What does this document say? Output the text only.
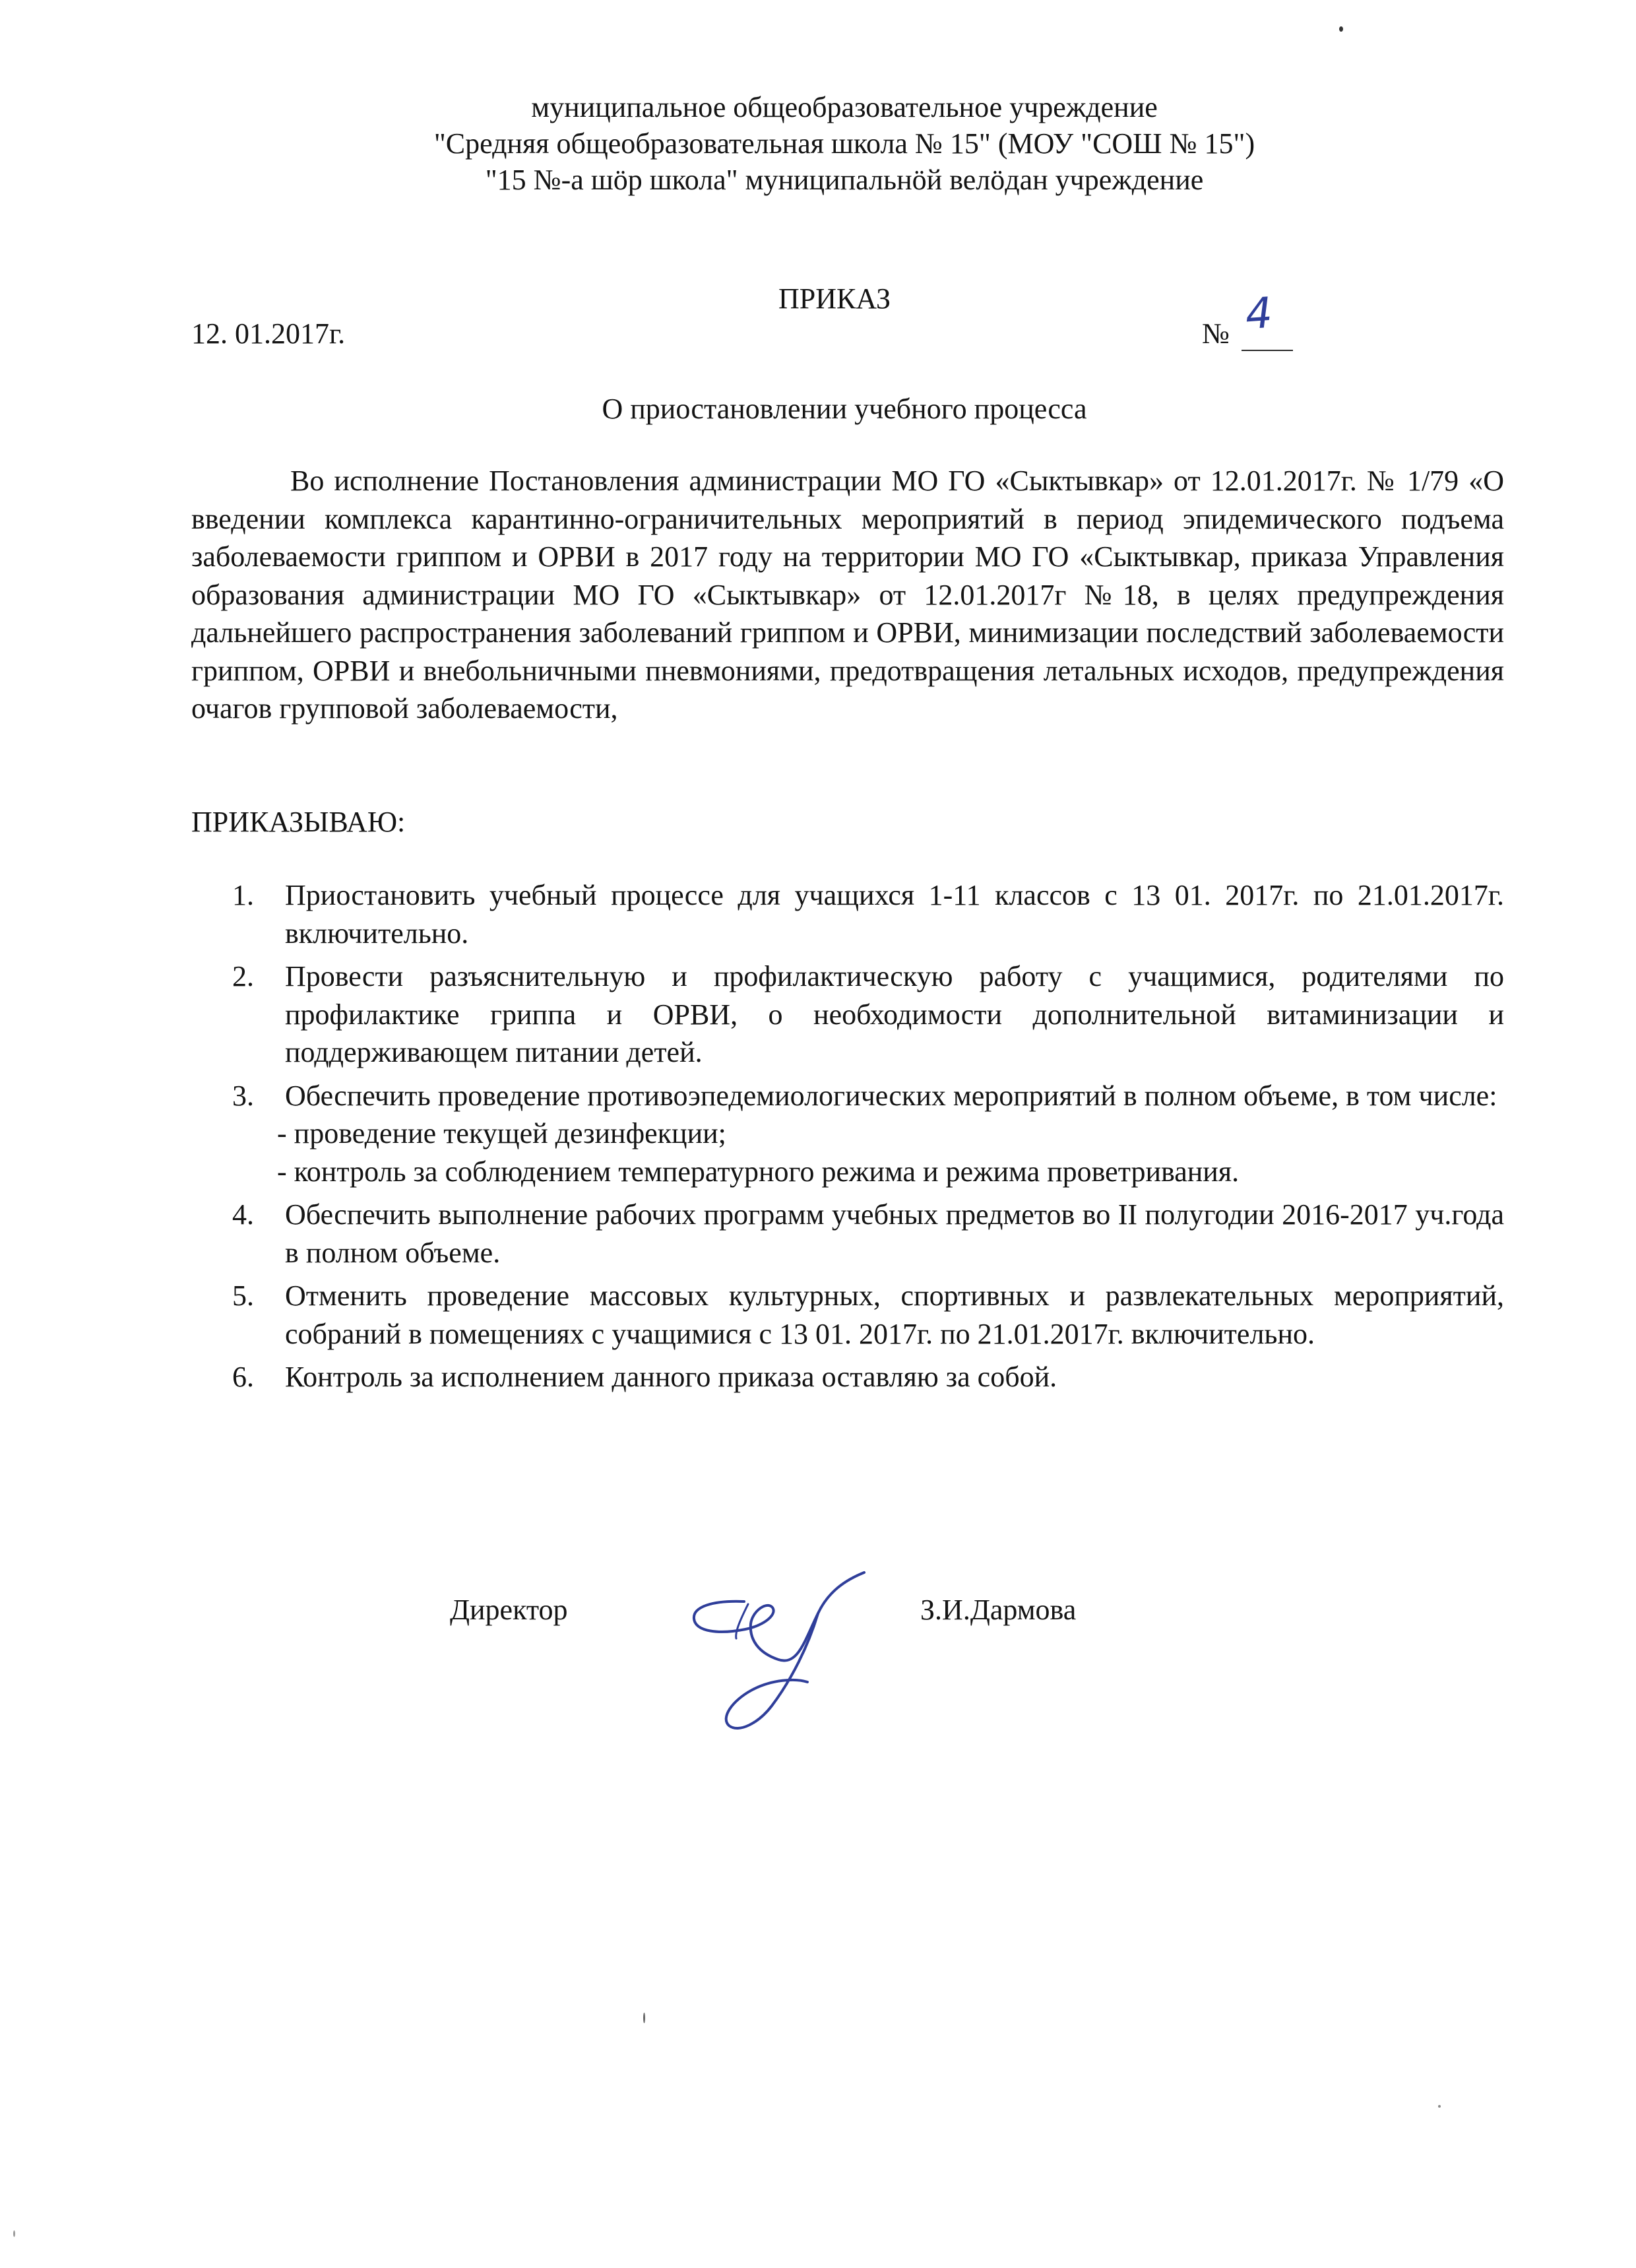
муниципальное общеобразовательное учреждение
"Средняя общеобразовательная школа № 15" (МОУ "СОШ № 15")
"15 №-а шӧр школа" муниципальнӧй велӧдан учреждение
ПРИКАЗ
12. 01.2017г.	№ 4
О приостановлении учебного процесса
Во исполнение Постановления администрации МО ГО «Сыктывкар» от 12.01.2017г. № 1/79 «О введении комплекса карантинно-ограничительных мероприятий в период эпидемического подъема заболеваемости гриппом и ОРВИ в 2017 году на территории МО ГО «Сыктывкар, приказа Управления образования администрации МО ГО «Сыктывкар» от 12.01.2017г №18, в целях предупреждения дальнейшего распространения заболеваний гриппом и ОРВИ, минимизации последствий заболеваемости гриппом, ОРВИ и внебольничными пневмониями, предотвращения летальных исходов, предупреждения очагов групповой заболеваемости,
ПРИКАЗЫВАЮ:
1. Приостановить учебный процессе для учащихся 1-11 классов с 13 01. 2017г. по 21.01.2017г. включительно.
2. Провести разъяснительную и профилактическую работу с учащимися, родителями по профилактике гриппа и ОРВИ, о необходимости дополнительной витаминизации и поддерживающем питании детей.
3. Обеспечить проведение противоэпедемиологических мероприятий в полном объеме, в том числе:
- проведение текущей дезинфекции;
- контроль за соблюдением температурного режима и режима проветривания.
4. Обеспечить выполнение рабочих программ учебных предметов во II полугодии 2016-2017 уч.года в полном объеме.
5. Отменить проведение массовых культурных, спортивных и развлекательных мероприятий, собраний в помещениях с учащимися с 13 01. 2017г. по 21.01.2017г. включительно.
6. Контроль за исполнением данного приказа оставляю за собой.
Директор	З.И.Дармова
